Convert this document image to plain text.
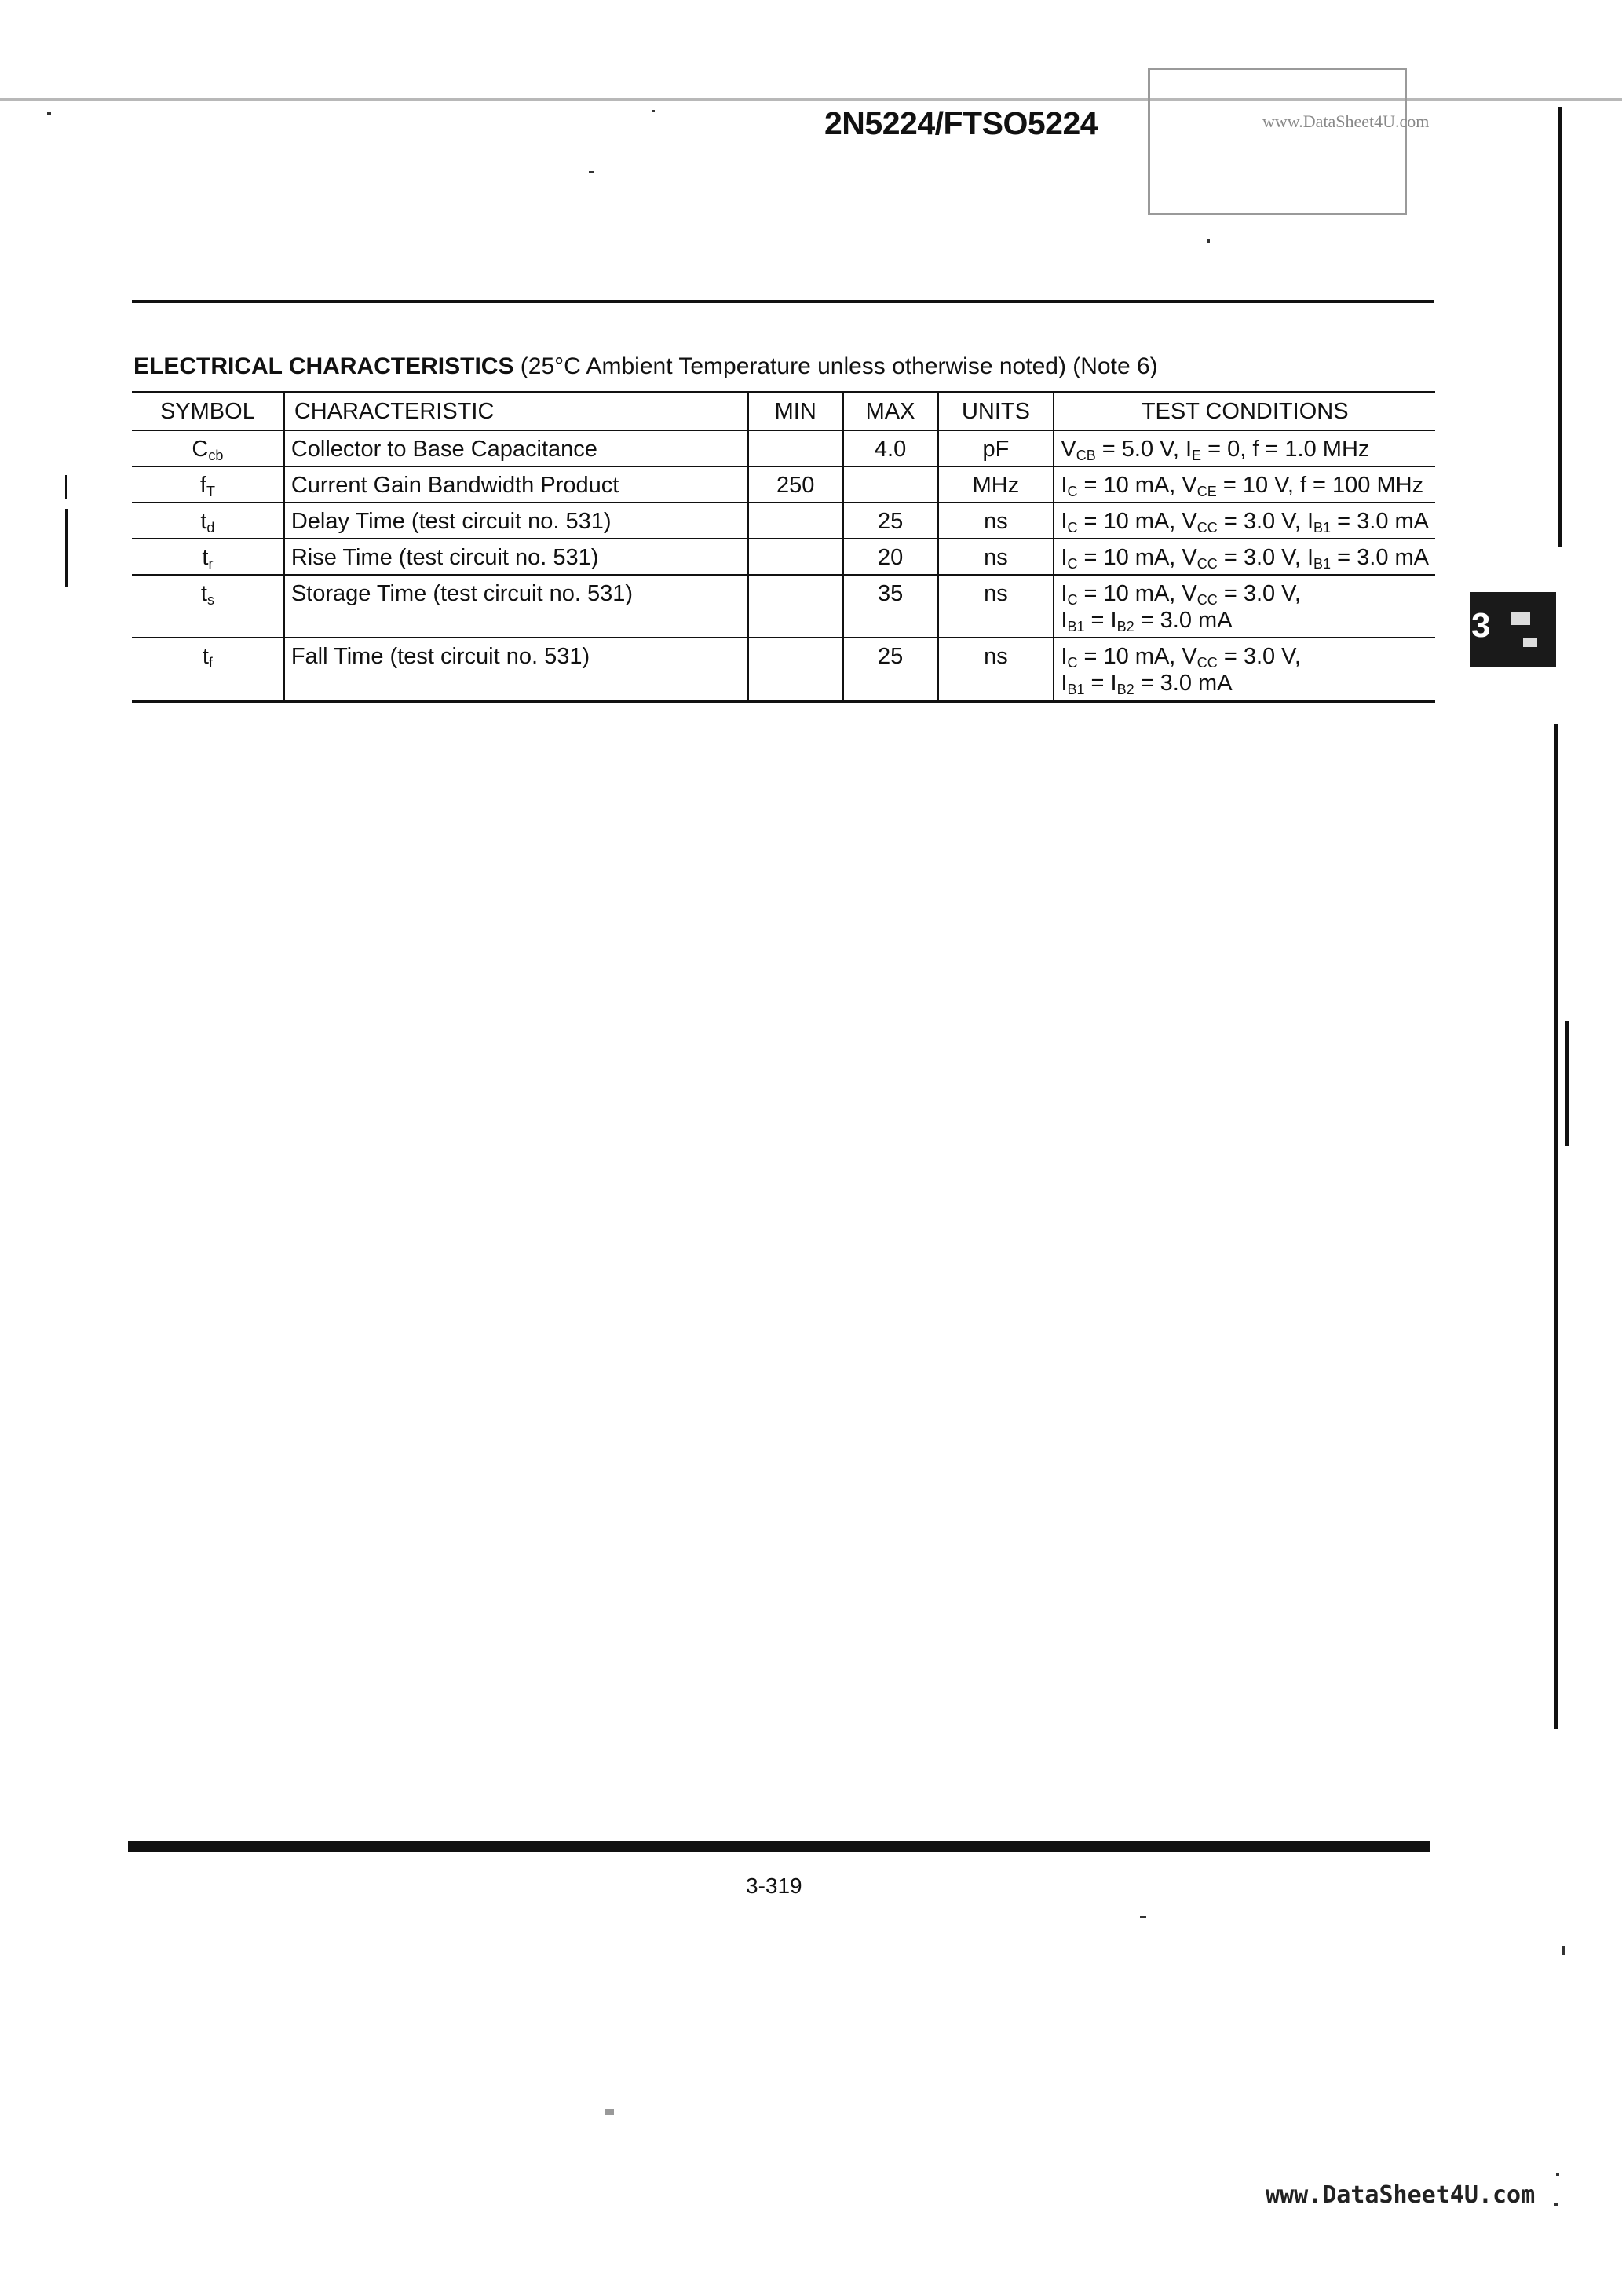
2N5224/FTSO5224	www.DataSheet4U.com
ELECTRICAL CHARACTERISTICS (25°C Ambient Temperature unless otherwise noted) (Note 6)
SYMBOL	CHARACTERISTIC	MIN	MAX	UNITS	TEST CONDITIONS
$C_{cb}$	Collector to Base Capacitance		4.0	pF	$V_{CB} = 5.0$ V, $I_E = 0$, f = 1.0 MHz

$f_T$	Current Gain Bandwidth Product	250		MHz	$I_C = 10$ mA, $V_{CE} = 10$ V, f = 100 MHz

$t_d$	Delay Time (test circuit no. 531)		25	ns	$I_C = 10$ mA, $V_{CC} = 3.0$ V, $I_{B1} = 3.0$ mA

$t_r$	Rise Time (test circuit no. 531)		20	ns	$I_C = 10$ mA, $V_{CC} = 3.0$ V, $I_{B1} = 3.0$ mA

$t_s$	Storage Time (test circuit no. 531)		35	ns	$I_C = 10$ mA, $V_{CC} = 3.0$ V,
$I_{B1} = I_{B2} = 3.0$ mA

$t_f$	Fall Time (test circuit no. 531)		25	ns	$I_C = 10$ mA, $V_{CC} = 3.0$ V,
$I_{B1} = I_{B2} = 3.0$ mA
3
3-319
www.DataSheet4U.com
